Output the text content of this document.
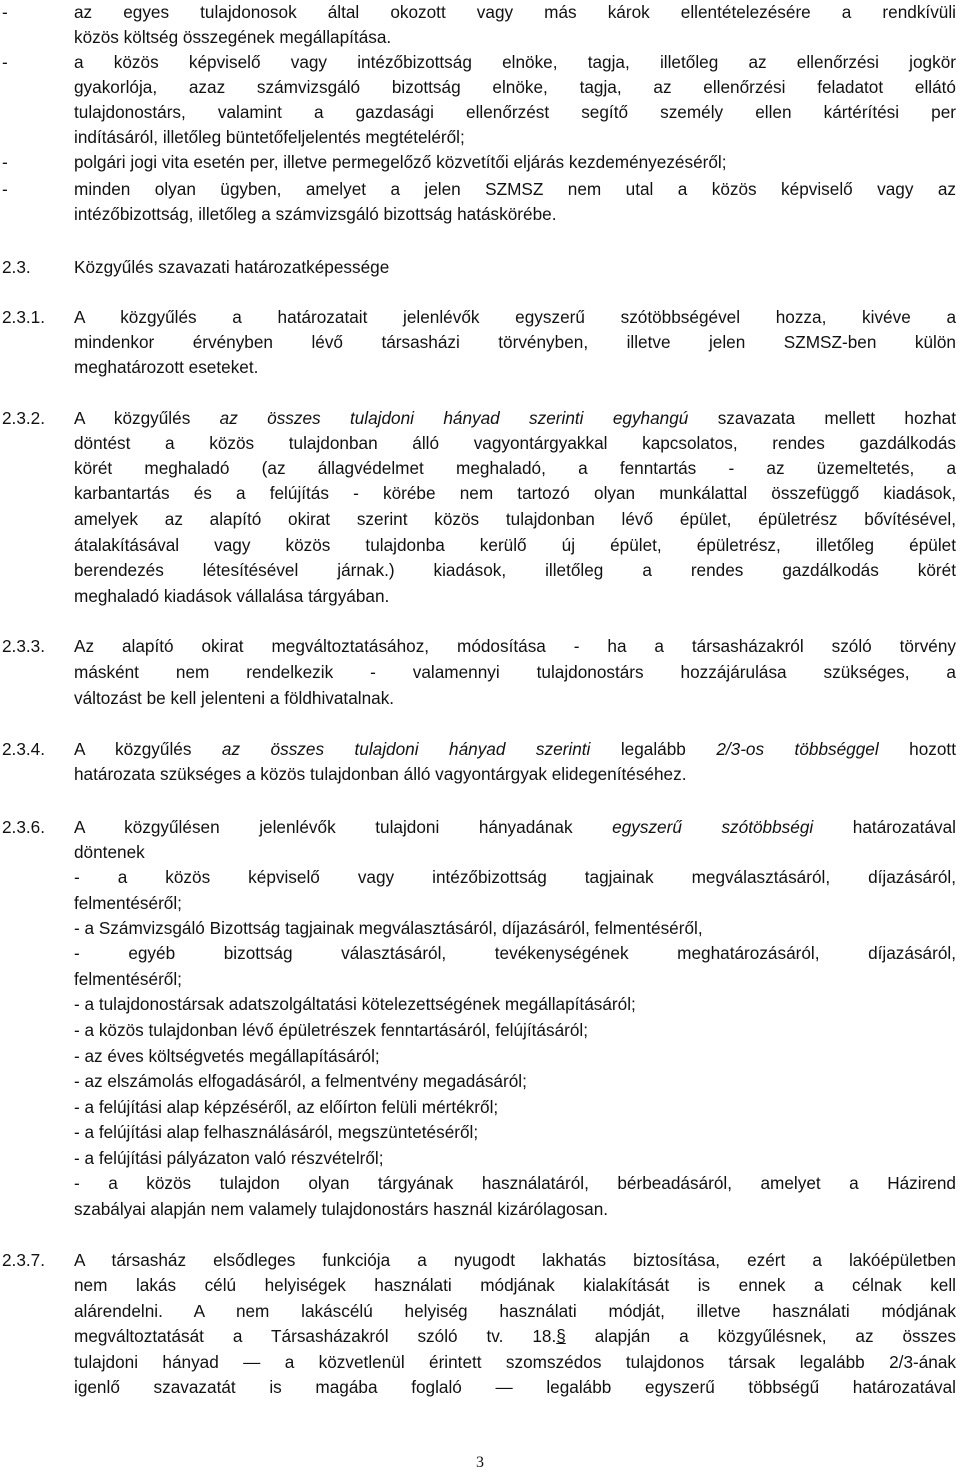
-	az egyes tulajdonosok által okozott vagy más károk ellentételezésére a rendkívüli
közös költség összegének megállapítása.
-	a közös képviselő vagy intézőbizottság elnöke, tagja, illetőleg az ellenőrzési jogkör
gyakorlója, azaz számvizsgáló bizottság elnöke, tagja, az ellenőrzési feladatot ellátó
tulajdonostárs, valamint a gazdasági ellenőrzést segítő személy ellen kártérítési per
indításáról, illetőleg büntetőfeljelentés megtételéről;
-	polgári jogi vita esetén per, illetve permegelőző közvetítői eljárás kezdeményezéséről;
-	minden olyan ügyben, amelyet a jelen SZMSZ nem utal a közös képviselő vagy az
intézőbizottság, illetőleg a számvizsgáló bizottság hatáskörébe.
2.3.	Közgyűlés szavazati határozatképessége
2.3.1. A közgyűlés a határozatait jelenlévők egyszerű szótöbbségével hozza, kivéve a
mindenkor érvényben lévő társasházi törvényben, illetve jelen SZMSZ-ben külön
meghatározott eseteket.
2.3.2. A közgyűlés az összes tulajdoni hányad szerinti egyhangú szavazata mellett hozhat
döntést a közös tulajdonban álló vagyontárgyakkal kapcsolatos, rendes gazdálkodás
körét meghaladó (az állagvédelmet meghaladó, a fenntartás - az üzemeltetés, a
karbantartás és a felújítás - körébe nem tartozó olyan munkálattal összefüggő kiadások,
amelyek az alapító okirat szerint közös tulajdonban lévő épület, épületrész bővítésével,
átalakításával vagy közös tulajdonba kerülő új épület, épületrész, illetőleg épület
berendezés létesítésével járnak.) kiadások, illetőleg a rendes gazdálkodás körét
meghaladó kiadások vállalása tárgyában.
2.3.3. Az alapító okirat megváltoztatásához, módosítása - ha a társasházakról szóló törvény
másként nem rendelkezik - valamennyi tulajdonostárs hozzájárulása szükséges, a
változást be kell jelenteni a földhivatalnak.
2.3.4. A közgyűlés az összes tulajdoni hányad szerinti legalább 2/3-os többséggel hozott
határozata szükséges a közös tulajdonban álló vagyontárgyak elidegenítéséhez.
2.3.6. A közgyűlésen jelenlévők tulajdoni hányadának egyszerű szótöbbségi határozatával
döntenek
- a közös képviselő vagy intézőbizottság tagjainak megválasztásáról, díjazásáról,
felmentéséről;
- a Számvizsgáló Bizottság tagjainak megválasztásáról, díjazásáról, felmentéséről,
- egyéb bizottság választásáról, tevékenységének meghatározásáról, díjazásáról,
felmentéséről;
- a tulajdonostársak adatszolgáltatási kötelezettségének megállapításáról;
- a közös tulajdonban lévő épületrészek fenntartásáról, felújításáról;
- az éves költségvetés megállapításáról;
- az elszámolás elfogadásáról, a felmentvény megadásáról;
- a felújítási alap képzéséről, az előírton felüli mértékről;
- a felújítási alap felhasználásáról, megszüntetéséről;
- a felújítási pályázaton való részvételről;
- a közös tulajdon olyan tárgyának használatáról, bérbeadásáról, amelyet a Házirend
szabályai alapján nem valamely tulajdonostárs használ kizárólagosan.
2.3.7. A társasház elsődleges funkciója a nyugodt lakhatás biztosítása, ezért a lakóépületben
nem lakás célú helyiségek használati módjának kialakítását is ennek a célnak kell
alárendelni. A nem lakáscélú helyiség használati módját, illetve használati módjának
megváltoztatását a Társasházakról szóló tv. 18.§ alapján a közgyűlésnek, az összes
tulajdoni hányad — a közvetlenül érintett szomszédos tulajdonos társak legalább 2/3-ának
igenlő szavazatát is magába foglaló — legalább egyszerű többségű határozatával
3
